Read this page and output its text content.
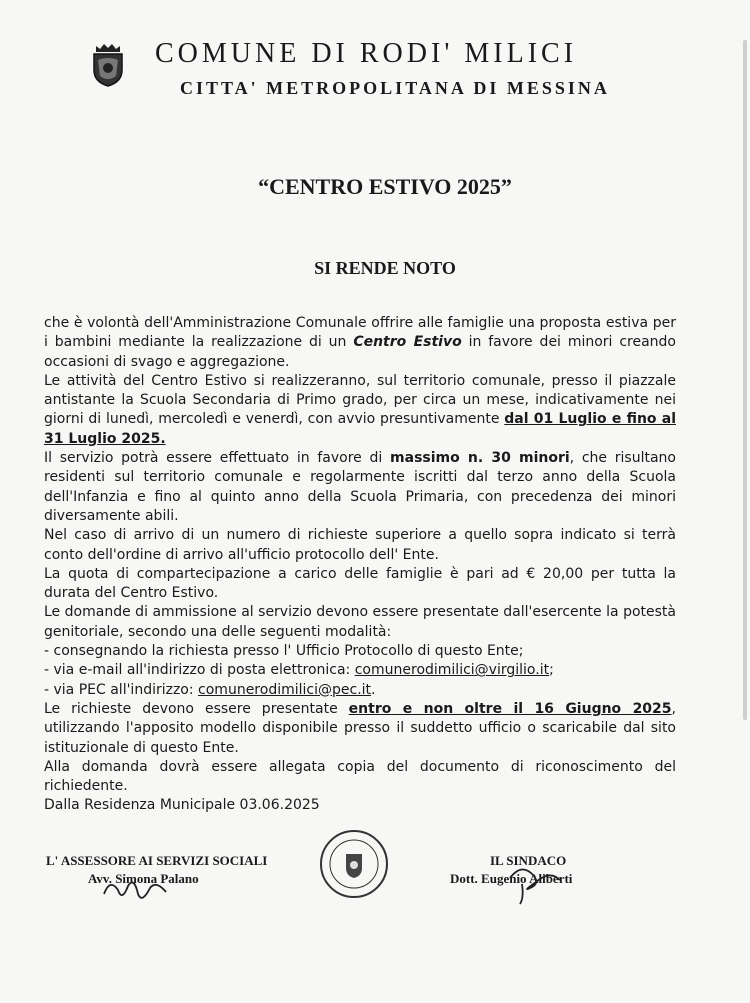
COMUNE DI RODI' MILICI
CITTA' METROPOLITANA DI MESSINA
“CENTRO ESTIVO 2025”
SI RENDE NOTO

che è volontà dell'Amministrazione Comunale offrire alle famiglie una proposta estiva per i bambini mediante la realizzazione di un Centro Estivo in favore dei minori creando occasioni di svago e aggregazione.

Le attività del Centro Estivo si realizzeranno, sul territorio comunale, presso il piazzale antistante la Scuola Secondaria di Primo grado, per circa un mese, indicativamente nei giorni di lunedì, mercoledì e venerdì, con avvio presuntivamente dal 01 Luglio e fino al 31 Luglio 2025.

Il servizio potrà essere effettuato in favore di massimo n. 30 minori, che risultano residenti sul territorio comunale e regolarmente iscritti dal terzo anno della Scuola dell'Infanzia e fino al quinto anno della Scuola Primaria, con precedenza dei minori diversamente abili.

Nel caso di arrivo di un numero di richieste superiore a quello sopra indicato si terrà conto dell'ordine di arrivo all'ufficio protocollo dell' Ente.

La quota di compartecipazione a carico delle famiglie è pari ad € 20,00 per tutta la durata del Centro Estivo.

Le domande di ammissione al servizio devono essere presentate dall'esercente la potestà genitoriale, secondo una delle seguenti modalità:

- consegnando la richiesta presso l' Ufficio Protocollo di questo Ente;

- via e-mail all'indirizzo di posta elettronica: comunerodimilici@virgilio.it;

- via PEC all'indirizzo: comunerodimilici@pec.it.

Le richieste devono essere presentate entro e non oltre il 16 Giugno 2025, utilizzando l'apposito modello disponibile presso il suddetto ufficio o scaricabile dal sito istituzionale di questo Ente.

Alla domanda dovrà essere allegata copia del documento di riconoscimento del richiedente.

Dalla Residenza Municipale 03.06.2025

L' ASSESSORE AI SERVIZI SOCIALI
Avv. Simona Palano
IL SINDACO
Dott. Eugenio Aliberti
